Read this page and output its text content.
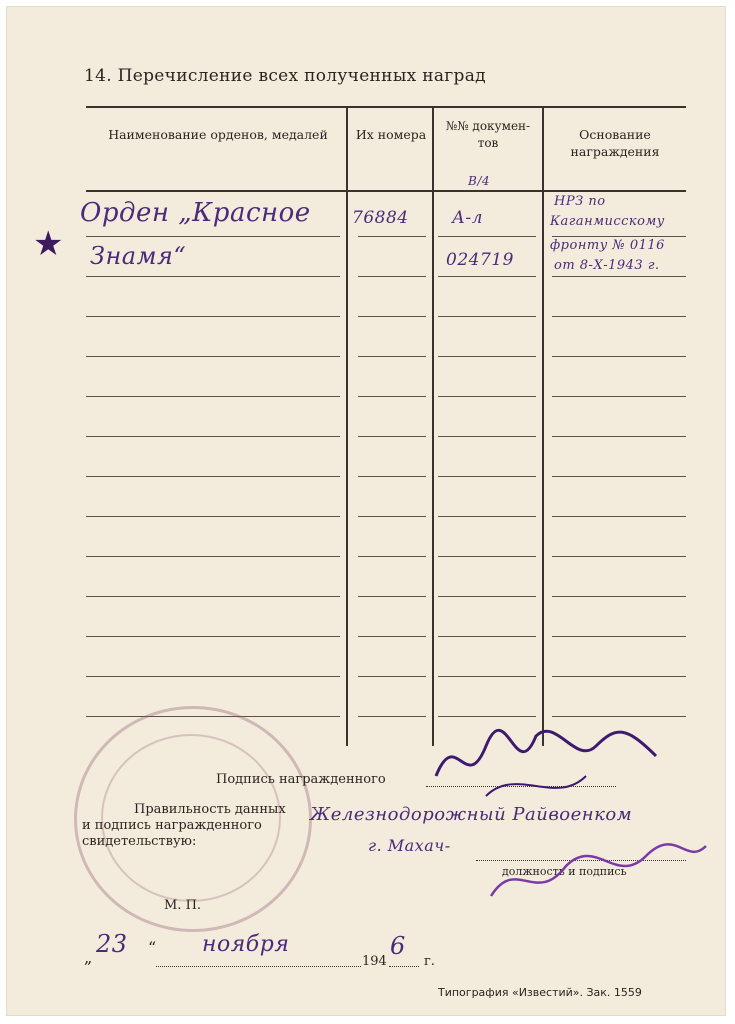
14. Перечисление всех полученных наград
Наименование орденов, медалей	Их номера
№№ докумен- тов
Основание награждения
★
Орден „Красное
Знамя“
76884
В/4
А-л
024719
НРЗ по
Каганмисскому
фронту № 0116
от 8-Х-1943 г.
Подпись награжденного
Правильность данных
и подпись награжденного
свидетельствую:
Железнодорожный Райвоенком
г. Махач-
должность и подпись
М. П.
„ 23 “ ноября
194
6
г.
Типография «Известий». Зак. 1559
